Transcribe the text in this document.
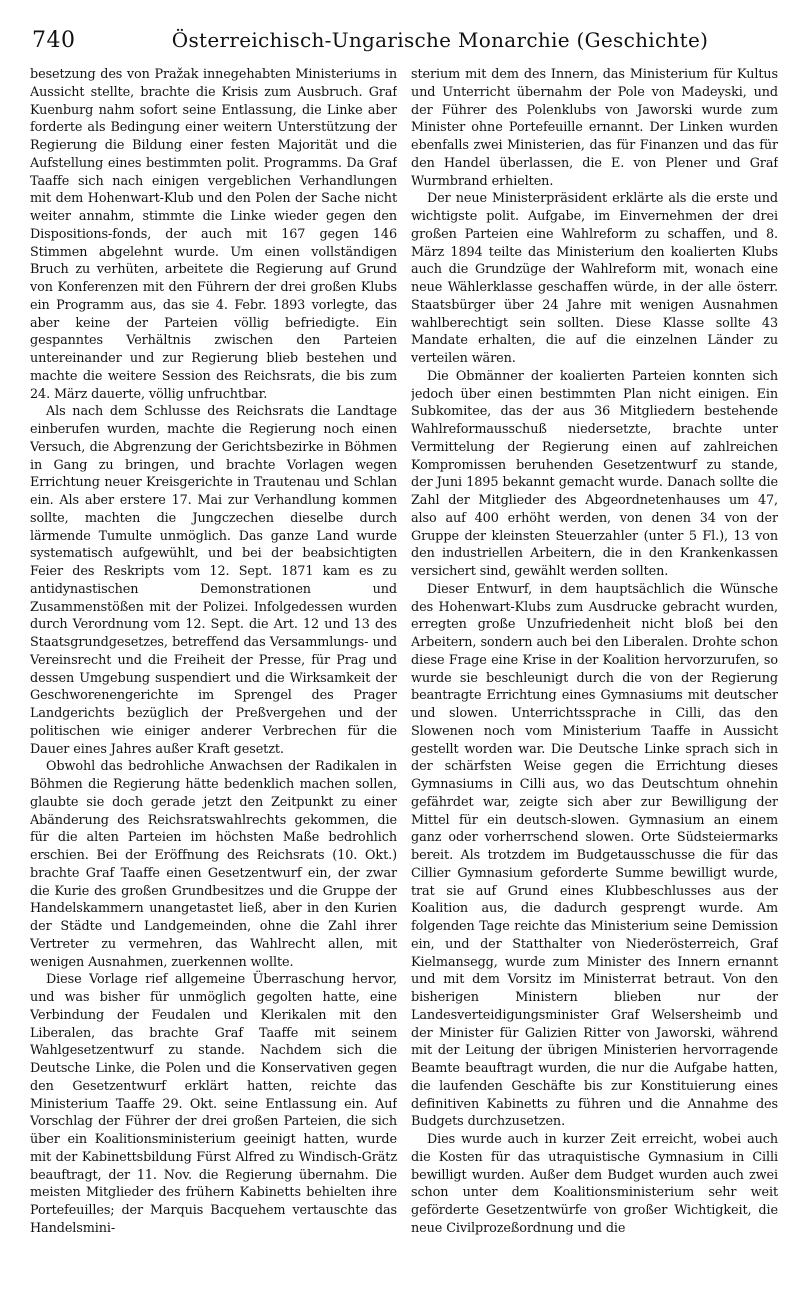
740	Österreichisch-Ungarische Monarchie (Geschichte)

besetzung des von Pražak innegehabten Ministeriums in Aussicht stellte, brachte die Krisis zum Ausbruch. Graf Kuenburg nahm sofort seine Entlassung, die Linke aber forderte als Bedingung einer weitern Unterstützung der Regierung die Bildung einer festen Majorität und die Aufstellung eines bestimmten polit. Programms. Da Graf Taaffe sich nach einigen vergeblichen Verhandlungen mit dem Hohenwart-Klub und den Polen der Sache nicht weiter annahm, stimmte die Linke wieder gegen den Dispositions-fonds, der auch mit 167 gegen 146 Stimmen abgelehnt wurde. Um einen vollständigen Bruch zu verhüten, arbeitete die Regierung auf Grund von Konferenzen mit den Führern der drei großen Klubs ein Programm aus, das sie 4. Febr. 1893 vorlegte, das aber keine der Parteien völlig befriedigte. Ein gespanntes Verhältnis zwischen den Parteien untereinander und zur Regierung blieb bestehen und machte die weitere Session des Reichsrats, die bis zum 24. März dauerte, völlig unfruchtbar.

Als nach dem Schlusse des Reichsrats die Landtage einberufen wurden, machte die Regierung noch einen Versuch, die Abgrenzung der Gerichtsbezirke in Böhmen in Gang zu bringen, und brachte Vorlagen wegen Errichtung neuer Kreisgerichte in Trautenau und Schlan ein. Als aber erstere 17. Mai zur Verhandlung kommen sollte, machten die Jungczechen dieselbe durch lärmende Tumulte unmöglich. Das ganze Land wurde systematisch aufgewühlt, und bei der beabsichtigten Feier des Reskripts vom 12. Sept. 1871 kam es zu antidynastischen Demonstrationen und Zusammenstößen mit der Polizei. Infolgedessen wurden durch Verordnung vom 12. Sept. die Art. 12 und 13 des Staatsgrundgesetzes, betreffend das Versammlungs- und Vereinsrecht und die Freiheit der Presse, für Prag und dessen Umgebung suspendiert und die Wirksamkeit der Geschworenengerichte im Sprengel des Prager Landgerichts bezüglich der Preßvergehen und der politischen wie einiger anderer Verbrechen für die Dauer eines Jahres außer Kraft gesetzt.

Obwohl das bedrohliche Anwachsen der Radikalen in Böhmen die Regierung hätte bedenklich machen sollen, glaubte sie doch gerade jetzt den Zeitpunkt zu einer Abänderung des Reichsratswahlrechts gekommen, die für die alten Parteien im höchsten Maße bedrohlich erschien. Bei der Eröffnung des Reichsrats (10. Okt.) brachte Graf Taaffe einen Gesetzentwurf ein, der zwar die Kurie des großen Grundbesitzes und die Gruppe der Handelskammern unangetastet ließ, aber in den Kurien der Städte und Landgemeinden, ohne die Zahl ihrer Vertreter zu vermehren, das Wahlrecht allen, mit wenigen Ausnahmen, zuerkennen wollte.

Diese Vorlage rief allgemeine Überraschung hervor, und was bisher für unmöglich gegolten hatte, eine Verbindung der Feudalen und Klerikalen mit den Liberalen, das brachte Graf Taaffe mit seinem Wahlgesetzentwurf zu stande. Nachdem sich die Deutsche Linke, die Polen und die Konservativen gegen den Gesetzentwurf erklärt hatten, reichte das Ministerium Taaffe 29. Okt. seine Entlassung ein. Auf Vorschlag der Führer der drei großen Parteien, die sich über ein Koalitionsministerium geeinigt hatten, wurde mit der Kabinettsbildung Fürst Alfred zu Windisch-Grätz beauftragt, der 11. Nov. die Regierung übernahm. Die meisten Mitglieder des frühern Kabinetts behielten ihre Portefeuilles; der Marquis Bacquehem vertauschte das Handelsmini-

sterium mit dem des Innern, das Ministerium für Kultus und Unterricht übernahm der Pole von Madeyski, und der Führer des Polenklubs von Jaworski wurde zum Minister ohne Portefeuille ernannt. Der Linken wurden ebenfalls zwei Ministerien, das für Finanzen und das für den Handel überlassen, die E. von Plener und Graf Wurmbrand erhielten.

Der neue Ministerpräsident erklärte als die erste und wichtigste polit. Aufgabe, im Einvernehmen der drei großen Parteien eine Wahlreform zu schaffen, und 8. März 1894 teilte das Ministerium den koalierten Klubs auch die Grundzüge der Wahlreform mit, wonach eine neue Wählerklasse geschaffen würde, in der alle österr. Staatsbürger über 24 Jahre mit wenigen Ausnahmen wahlberechtigt sein sollten. Diese Klasse sollte 43 Mandate erhalten, die auf die einzelnen Länder zu verteilen wären.

Die Obmänner der koalierten Parteien konnten sich jedoch über einen bestimmten Plan nicht einigen. Ein Subkomitee, das der aus 36 Mitgliedern bestehende Wahlreformausschuß niedersetzte, brachte unter Vermittelung der Regierung einen auf zahlreichen Kompromissen beruhenden Gesetzentwurf zu stande, der Juni 1895 bekannt gemacht wurde. Danach sollte die Zahl der Mitglieder des Abgeordnetenhauses um 47, also auf 400 erhöht werden, von denen 34 von der Gruppe der kleinsten Steuerzahler (unter 5 Fl.), 13 von den industriellen Arbeitern, die in den Krankenkassen versichert sind, gewählt werden sollten.

Dieser Entwurf, in dem hauptsächlich die Wünsche des Hohenwart-Klubs zum Ausdrucke gebracht wurden, erregten große Unzufriedenheit nicht bloß bei den Arbeitern, sondern auch bei den Liberalen. Drohte schon diese Frage eine Krise in der Koalition hervorzurufen, so wurde sie beschleunigt durch die von der Regierung beantragte Errichtung eines Gymnasiums mit deutscher und slowen. Unterrichtssprache in Cilli, das den Slowenen noch vom Ministerium Taaffe in Aussicht gestellt worden war. Die Deutsche Linke sprach sich in der schärfsten Weise gegen die Errichtung dieses Gymnasiums in Cilli aus, wo das Deutschtum ohnehin gefährdet war, zeigte sich aber zur Bewilligung der Mittel für ein deutsch-slowen. Gymnasium an einem ganz oder vorherrschend slowen. Orte Südsteiermarks bereit. Als trotzdem im Budgetausschusse die für das Cillier Gymnasium geforderte Summe bewilligt wurde, trat sie auf Grund eines Klubbeschlusses aus der Koalition aus, die dadurch gesprengt wurde. Am folgenden Tage reichte das Ministerium seine Demission ein, und der Statthalter von Niederösterreich, Graf Kielmansegg, wurde zum Minister des Innern ernannt und mit dem Vorsitz im Ministerrat betraut. Von den bisherigen Ministern blieben nur der Landesverteidigungsminister Graf Welsersheimb und der Minister für Galizien Ritter von Jaworski, während mit der Leitung der übrigen Ministerien hervorragende Beamte beauftragt wurden, die nur die Aufgabe hatten, die laufenden Geschäfte bis zur Konstituierung eines definitiven Kabinetts zu führen und die Annahme des Budgets durchzusetzen.

Dies wurde auch in kurzer Zeit erreicht, wobei auch die Kosten für das utraquistische Gymnasium in Cilli bewilligt wurden. Außer dem Budget wurden auch zwei schon unter dem Koalitionsministerium sehr weit geförderte Gesetzentwürfe von großer Wichtigkeit, die neue Civilprozeßordnung und die
